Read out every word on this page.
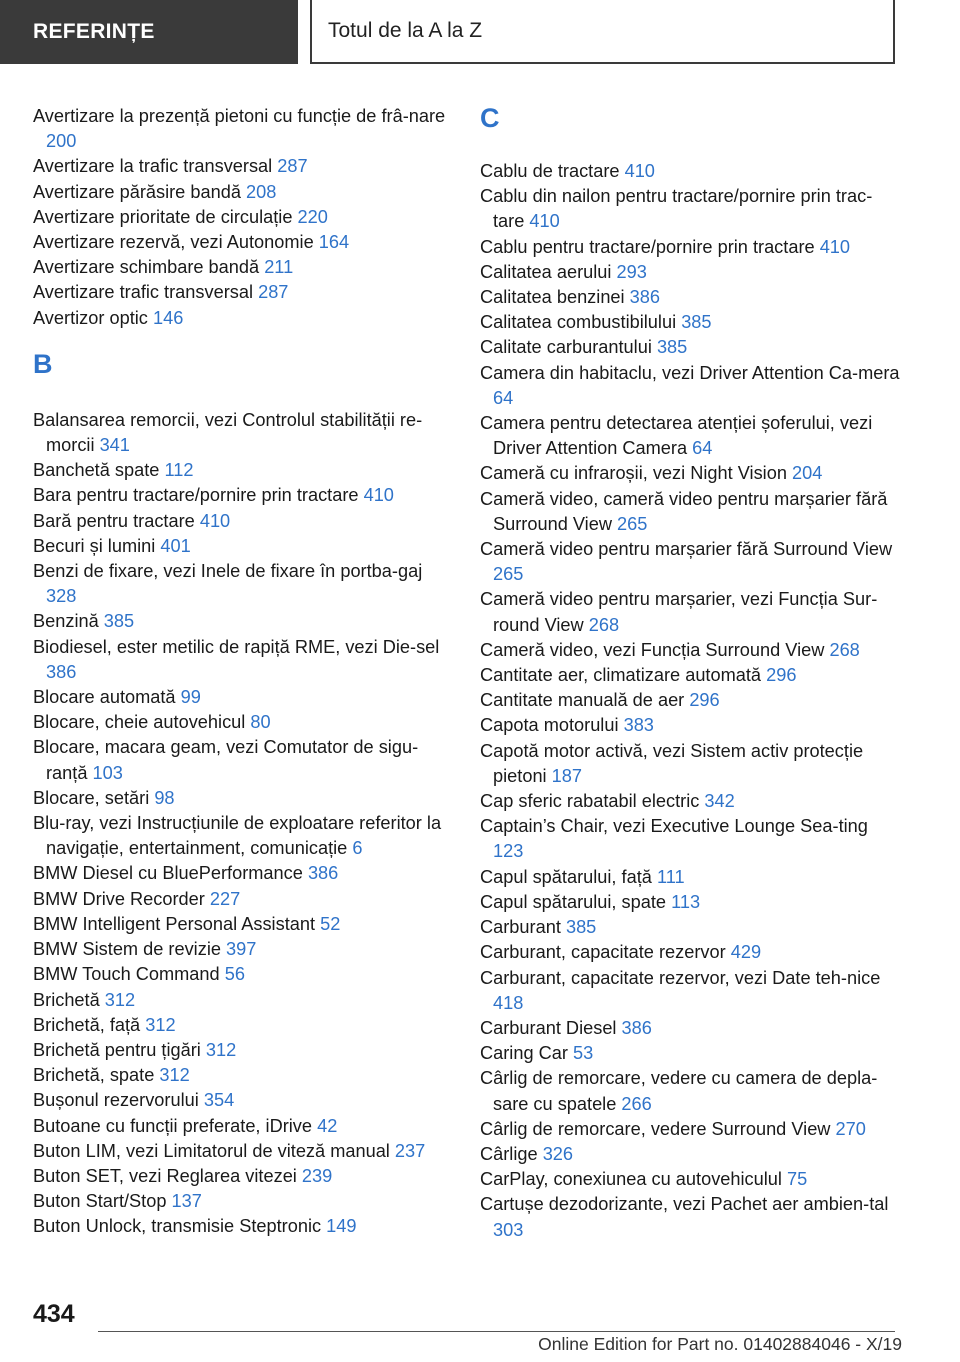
REFERINȚE	Totul de la A la Z

Avertizare la prezență pietoni cu funcție de frâ-nare 200

Avertizare la trafic transversal 287

Avertizare părăsire bandă 208

Avertizare prioritate de circulație 220

Avertizare rezervă, vezi Autonomie 164

Avertizare schimbare bandă 211

Avertizare trafic transversal 287

Avertizor optic 146

B

Balansarea remorcii, vezi Controlul stabilității re-morcii 341

Banchetă spate 112

Bara pentru tractare/pornire prin tractare 410

Bară pentru tractare 410

Becuri și lumini 401

Benzi de fixare, vezi Inele de fixare în portba-gaj 328

Benzină 385

Biodiesel, ester metilic de rapiță RME, vezi Die-sel 386

Blocare automată 99

Blocare, cheie autovehicul 80

Blocare, macara geam, vezi Comutator de sigu-ranță 103

Blocare, setări 98

Blu-ray, vezi Instrucțiunile de exploatare referitor la navigație, entertainment, comunicație 6

BMW Diesel cu BluePerformance 386

BMW Drive Recorder 227

BMW Intelligent Personal Assistant 52

BMW Sistem de revizie 397

BMW Touch Command 56

Brichetă 312

Brichetă, față 312

Brichetă pentru țigări 312

Brichetă, spate 312

Bușonul rezervorului 354

Butoane cu funcții preferate, iDrive 42

Buton LIM, vezi Limitatorul de viteză manual 237

Buton SET, vezi Reglarea vitezei 239

Buton Start/Stop 137

Buton Unlock, transmisie Steptronic 149

C

Cablu de tractare 410

Cablu din nailon pentru tractare/pornire prin trac-tare 410

Cablu pentru tractare/pornire prin tractare 410

Calitatea aerului 293

Calitatea benzinei 386

Calitatea combustibilului 385

Calitate carburantului 385

Camera din habitaclu, vezi Driver Attention Ca-mera 64

Camera pentru detectarea atenției șoferului, vezi Driver Attention Camera 64

Cameră cu infraroșii, vezi Night Vision 204

Cameră video, cameră video pentru marșarier fără Surround View 265

Cameră video pentru marșarier fără Surround View 265

Cameră video pentru marșarier, vezi Funcția Sur-round View 268

Cameră video, vezi Funcția Surround View 268

Cantitate aer, climatizare automată 296

Cantitate manuală de aer 296

Capota motorului 383

Capotă motor activă, vezi Sistem activ protecție pietoni 187

Cap sferic rabatabil electric 342

Captain’s Chair, vezi Executive Lounge Sea-ting 123

Capul spătarului, față 111

Capul spătarului, spate 113

Carburant 385

Carburant, capacitate rezervor 429

Carburant, capacitate rezervor, vezi Date teh-nice 418

Carburant Diesel 386

Caring Car 53

Cârlig de remorcare, vedere cu camera de depla-sare cu spatele 266

Cârlig de remorcare, vedere Surround View 270

Cârlige 326

CarPlay, conexiunea cu autovehiculul 75

Cartușe dezodorizante, vezi Pachet aer ambien-tal 303

434
Online Edition for Part no. 01402884046 - X/19
